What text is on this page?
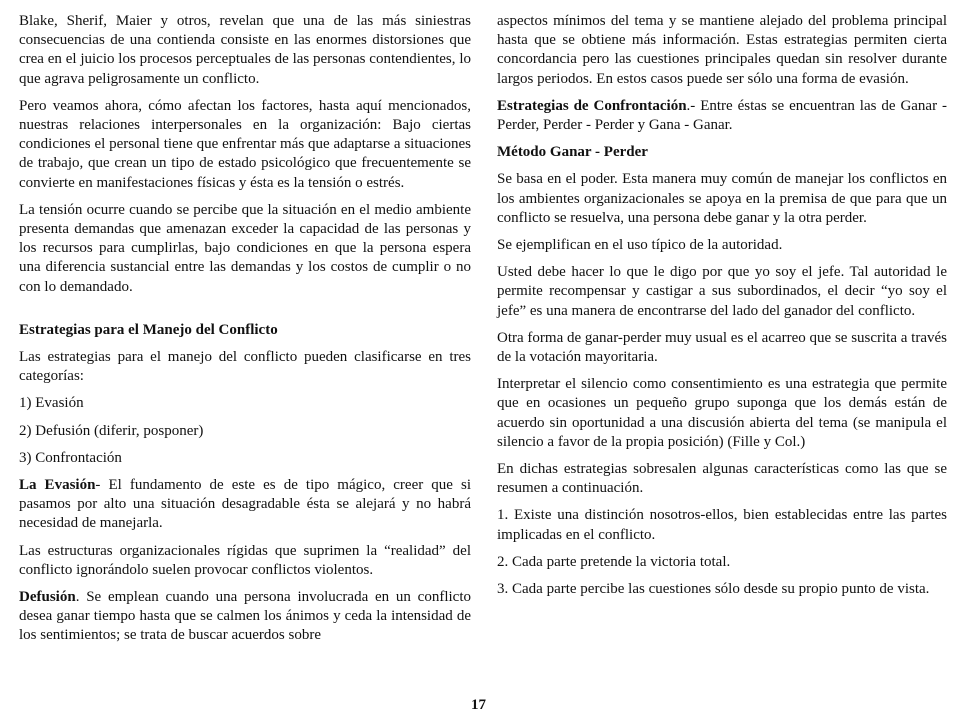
Blake, Sherif, Maier y otros, revelan que una de las más siniestras consecuencias de una contienda consiste en las enormes distorsiones que crea en el juicio los procesos perceptuales de las personas contendientes, lo que agrava peligrosamente un conflicto.

Pero veamos ahora, cómo afectan los factores, hasta aquí mencionados, nuestras relaciones interpersonales en la organización: Bajo ciertas condiciones el personal tiene que enfrentar más que adaptarse a situaciones de trabajo, que crean un tipo de estado psicológico que frecuentemente se convierte en manifestaciones físicas y ésta es la tensión o estrés.

La tensión ocurre cuando se percibe que la situación en el medio ambiente presenta demandas que amenazan exceder la capacidad de las personas y los recursos para cumplirlas, bajo condiciones en que la persona espera una diferencia sustancial entre las demandas y los costos de cumplir o no con lo demandado.

Estrategias para el Manejo del Conflicto

Las estrategias para el manejo del conflicto pueden clasificarse en tres categorías:

1) Evasión

2) Defusión (diferir, posponer)

3) Confrontación

La Evasión- El fundamento de este es de tipo mágico, creer que si pasamos por alto una situación desagradable ésta se alejará y no habrá necesidad de manejarla.

Las estructuras organizacionales rígidas que suprimen la “realidad” del conflicto ignorándolo suelen provocar conflictos violentos.

Defusión. Se emplean cuando una persona involucrada en un conflicto desea ganar tiempo hasta que se calmen los ánimos y ceda la intensidad de los sentimientos; se trata de buscar acuerdos sobre

aspectos mínimos del tema y se mantiene alejado del problema principal hasta que se obtiene más información. Estas estrategias permiten cierta concordancia pero las cuestiones principales quedan sin resolver durante largos periodos. En estos casos puede ser sólo una forma de evasión.

Estrategias de Confrontación.- Entre éstas se encuentran las de Ganar - Perder, Perder - Perder y Gana - Ganar.

Método Ganar - Perder

Se basa en el poder. Esta manera muy común de manejar los conflictos en los ambientes organizacionales se apoya en la premisa de que para que un conflicto se resuelva, una persona debe ganar y la otra perder.

Se ejemplifican en el uso típico de la autoridad.

Usted debe hacer lo que le digo por que yo soy el jefe. Tal autoridad le permite recompensar y castigar a sus subordinados, el decir “yo soy el jefe” es una manera de encontrarse del lado del ganador del conflicto.

Otra forma de ganar-perder muy usual es el acarreo que se suscrita a través de la votación mayoritaria.

Interpretar el silencio como consentimiento es una estrategia que permite que en ocasiones un pequeño grupo suponga que los demás están de acuerdo sin oportunidad a una discusión abierta del tema (se manipula el silencio a favor de la propia posición) (Fille y Col.)

En dichas estrategias sobresalen algunas características como las que se resumen a continuación.

1. Existe una distinción nosotros-ellos, bien establecidas entre las partes implicadas en el conflicto.

2. Cada parte pretende la victoria total.

3. Cada parte percibe las cuestiones sólo desde su propio punto de vista.

17
